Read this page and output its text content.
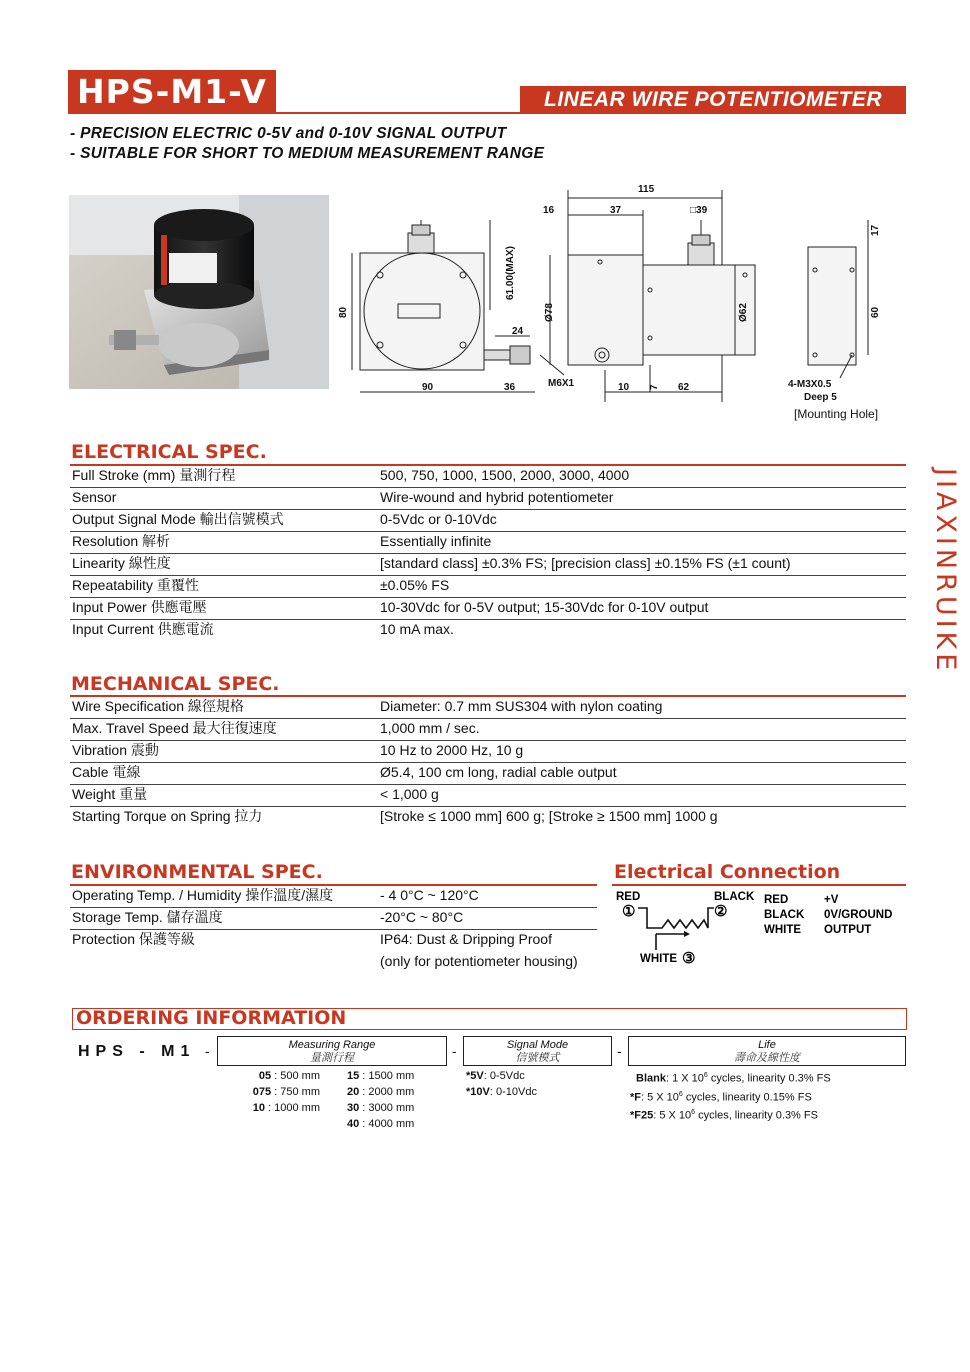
HPS-M1-V	LINEAR WIRE POTENTIOMETER
- PRECISION ELECTRIC 0-5V and 0-10V SIGNAL OUTPUT
- SUITABLE FOR SHORT TO MEDIUM MEASUREMENT RANGE
115
16	37	□39
90	36
24
M6X1	10	62	4-M3X0.5
Deep 5
80
61.00(MAX)
Ø78	Ø62
7
17
60
[Mounting Hole]
JIAXINRUIKE
ELECTRICAL SPEC.
Full Stroke (mm) 量測行程	500, 750, 1000, 1500, 2000, 3000, 4000
Sensor	Wire-wound and hybrid potentiometer
Output Signal Mode 輸出信號模式	0-5Vdc or 0-10Vdc
Resolution 解析	Essentially infinite
Linearity 線性度	[standard class] ±0.3% FS; [precision class] ±0.15% FS (±1 count)
Repeatability 重覆性	±0.05% FS
Input Power 供應電壓	10-30Vdc for 0-5V output; 15-30Vdc for 0-10V output
Input Current 供應電流	10 mA max.
MECHANICAL SPEC.
Wire Specification 線徑規格	Diameter: 0.7 mm SUS304 with nylon coating
Max. Travel Speed 最大往復速度	1,000 mm / sec.
Vibration 震動	10 Hz to 2000 Hz, 10 g
Cable 電線	Ø5.4, 100 cm long, radial cable output
Weight 重量	< 1,000 g
Starting Torque on Spring 拉力	[Stroke ≤ 1000 mm] 600 g; [Stroke ≥ 1500 mm] 1000 g
ENVIRONMENTAL SPEC.
Operating Temp. / Humidity 操作溫度/濕度	- 4 0°C ~ 120°C
Storage Temp. 儲存溫度	-20°C ~ 80°C
Protection 保護等級	IP64: Dust & Dripping Proof
(only for potentiometer housing)
Electrical Connection
RED
①
BLACK
②
WHITE ③
RED	+V
BLACK 0V/GROUND
WHITE OUTPUT
ORDERING INFORMATION
HPS - M1 -	Measuring Range
量測行程	-	Signal Mode
信號模式	-	Life
壽命及線性度
05 : 500 mm
075 : 750 mm
10 : 1000 mm
15 : 1500 mm
20 : 2000 mm
30 : 3000 mm
40 : 4000 mm
*5V: 0-5Vdc
*10V: 0-10Vdc
Blank: 1 X $10^6$ cycles, linearity 0.3% FS
*F: 5 X $10^6$ cycles, linearity 0.15% FS
*F25: 5 X $10^6$ cycles, linearity 0.3% FS
